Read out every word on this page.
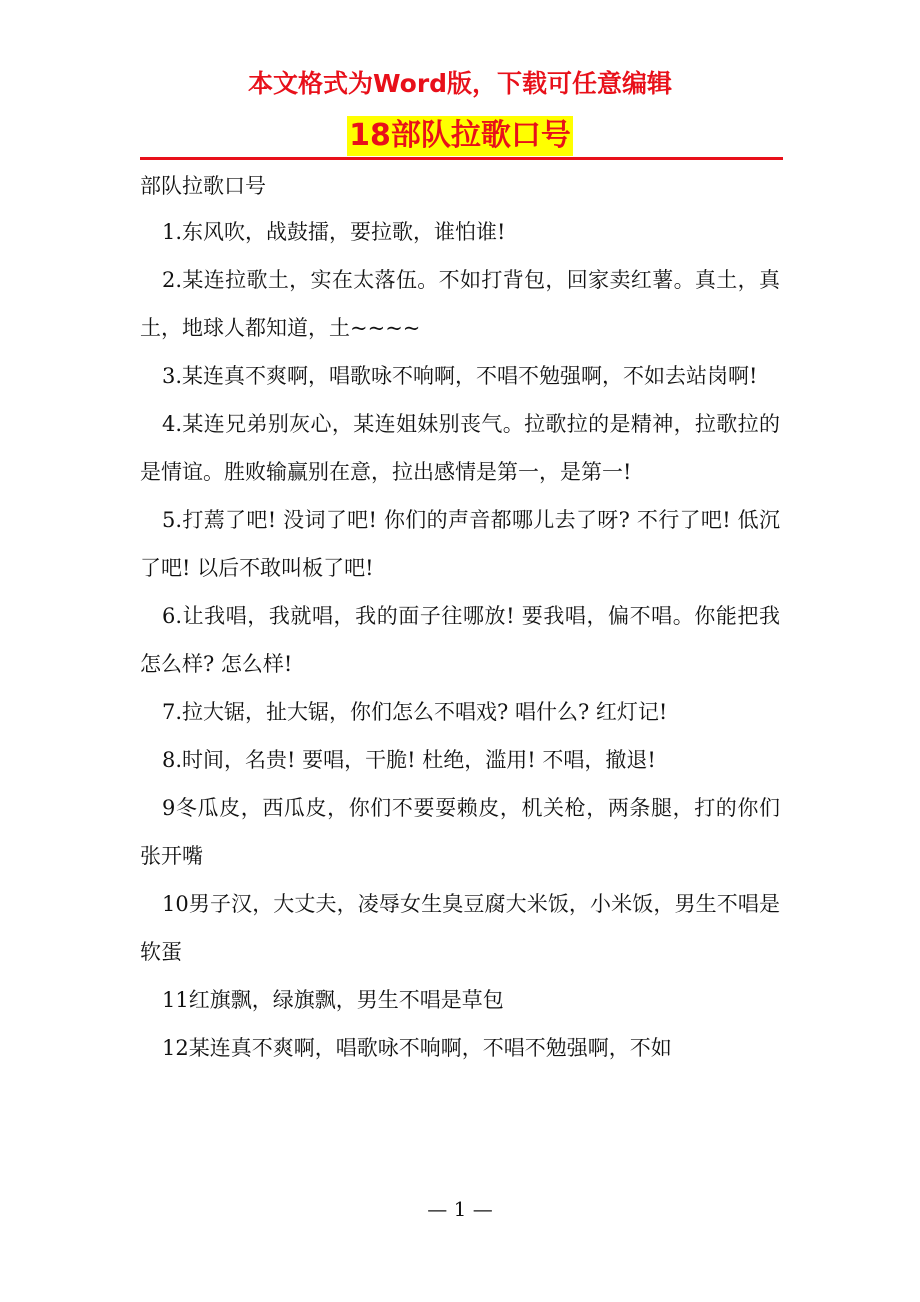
本文格式为Word版，下载可任意编辑
18部队拉歌口号
部队拉歌口号

1.东风吹，战鼓擂，要拉歌，谁怕谁!

2.某连拉歌土，实在太落伍。不如打背包，回家卖红薯。真土，真土，地球人都知道，土~~~~

3.某连真不爽啊，唱歌咏不响啊，不唱不勉强啊，不如去站岗啊!

4.某连兄弟别灰心，某连姐妹别丧气。拉歌拉的是精神，拉歌拉的是情谊。胜败输赢别在意，拉出感情是第一，是第一!

5.打蔫了吧! 没词了吧! 你们的声音都哪儿去了呀? 不行了吧! 低沉了吧! 以后不敢叫板了吧!

6.让我唱，我就唱，我的面子往哪放! 要我唱，偏不唱。你能把我怎么样? 怎么样!

7.拉大锯，扯大锯，你们怎么不唱戏? 唱什么? 红灯记!

8.时间，名贵! 要唱，干脆! 杜绝，滥用! 不唱，撤退!

9冬瓜皮，西瓜皮，你们不要耍赖皮，机关枪，两条腿，打的你们张开嘴

10男子汉，大丈夫，凌辱女生臭豆腐大米饭，小米饭，男生不唱是软蛋

11红旗飘，绿旗飘，男生不唱是草包

12某连真不爽啊，唱歌咏不响啊，不唱不勉强啊，不如

— 1 —
